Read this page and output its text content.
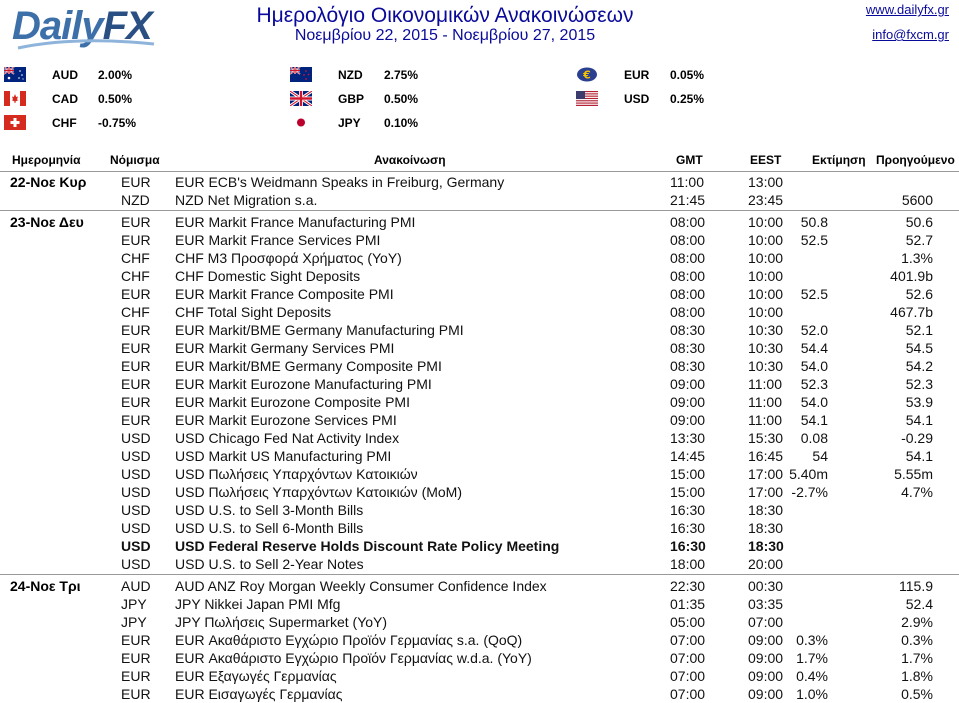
DailyFX	Ημερολόγιο Οικονομικών Ανακοινώσεων
Νοεμβρίου 22, 2015 - Νοεμβρίου 27, 2015
www.dailyfx.gr
info@fxcm.gr
AUD 2.00%	NZD 2.75%	€	EUR 0.05%
CAD 0.50%	GBP 0.50%	USD 0.25%
CHF -0.75%	JPY 0.10%
Ημερομηνία Νόμισμα	Ανακοίνωση	GMT	EEST	Εκτίμηση Προηγούμενο
22-Νοε Κυρ EUR EUR ECB's Weidmann Speaks in Freiburg, Germany	11:00	13:00
NZD NZD Net Migration s.a.	21:45	23:45	5600
23-Νοε Δευ	EUR EUR Markit France Manufacturing PMI	08:00	10:00 50.8	50.6
EUR EUR Markit France Services PMI	08:00	10:00 52.5	52.7
CHF CHF M3 Προσφορά Χρήματος (YoY)	08:00	10:00	1.3%
CHF CHF Domestic Sight Deposits	08:00	10:00	401.9b
EUR EUR Markit France Composite PMI	08:00	10:00 52.5	52.6
CHF CHF Total Sight Deposits	08:00	10:00	467.7b
EUR EUR Markit/BME Germany Manufacturing PMI	08:30	10:30 52.0	52.1
EUR EUR Markit Germany Services PMI	08:30	10:30 54.4	54.5
EUR EUR Markit/BME Germany Composite PMI	08:30	10:30 54.0	54.2
EUR EUR Markit Eurozone Manufacturing PMI	09:00	11:00 52.3	52.3
EUR EUR Markit Eurozone Composite PMI	09:00	11:00 54.0	53.9
EUR EUR Markit Eurozone Services PMI	09:00	11:00 54.1	54.1
USD USD Chicago Fed Nat Activity Index	13:30	15:30 0.08	-0.29
USD USD Markit US Manufacturing PMI	14:45	16:45 54	54.1
USD USD Πωλήσεις Υπαρχόντων Κατοικιών	15:00	17:00 5.40m	5.55m
USD USD Πωλήσεις Υπαρχόντων Κατοικιών (MoM)	15:00	17:00 -2.7%	4.7%
USD USD U.S. to Sell 3-Month Bills	16:30	18:30
USD USD U.S. to Sell 6-Month Bills	16:30	18:30
USD USD Federal Reserve Holds Discount Rate Policy Meeting	16:30	18:30
USD USD U.S. to Sell 2-Year Notes	18:00	20:00
24-Νοε Τρι	AUD AUD ANZ Roy Morgan Weekly Consumer Confidence Index	22:30	00:30	115.9
JPY JPY Nikkei Japan PMI Mfg	01:35	03:35	52.4
JPY JPY Πωλήσεις Supermarket (YoY)	05:00	07:00	2.9%
EUR EUR Ακαθάριστο Εγχώριο Προϊόν Γερμανίας s.a. (QoQ)	07:00	09:00 0.3%	0.3%
EUR EUR Ακαθάριστο Εγχώριο Προϊόν Γερμανίας w.d.a. (YoY)	07:00	09:00 1.7%	1.7%
EUR EUR Εξαγωγές Γερμανίας	07:00	09:00 0.4%	1.8%
EUR EUR Εισαγωγές Γερμανίας	07:00	09:00 1.0%	0.5%
